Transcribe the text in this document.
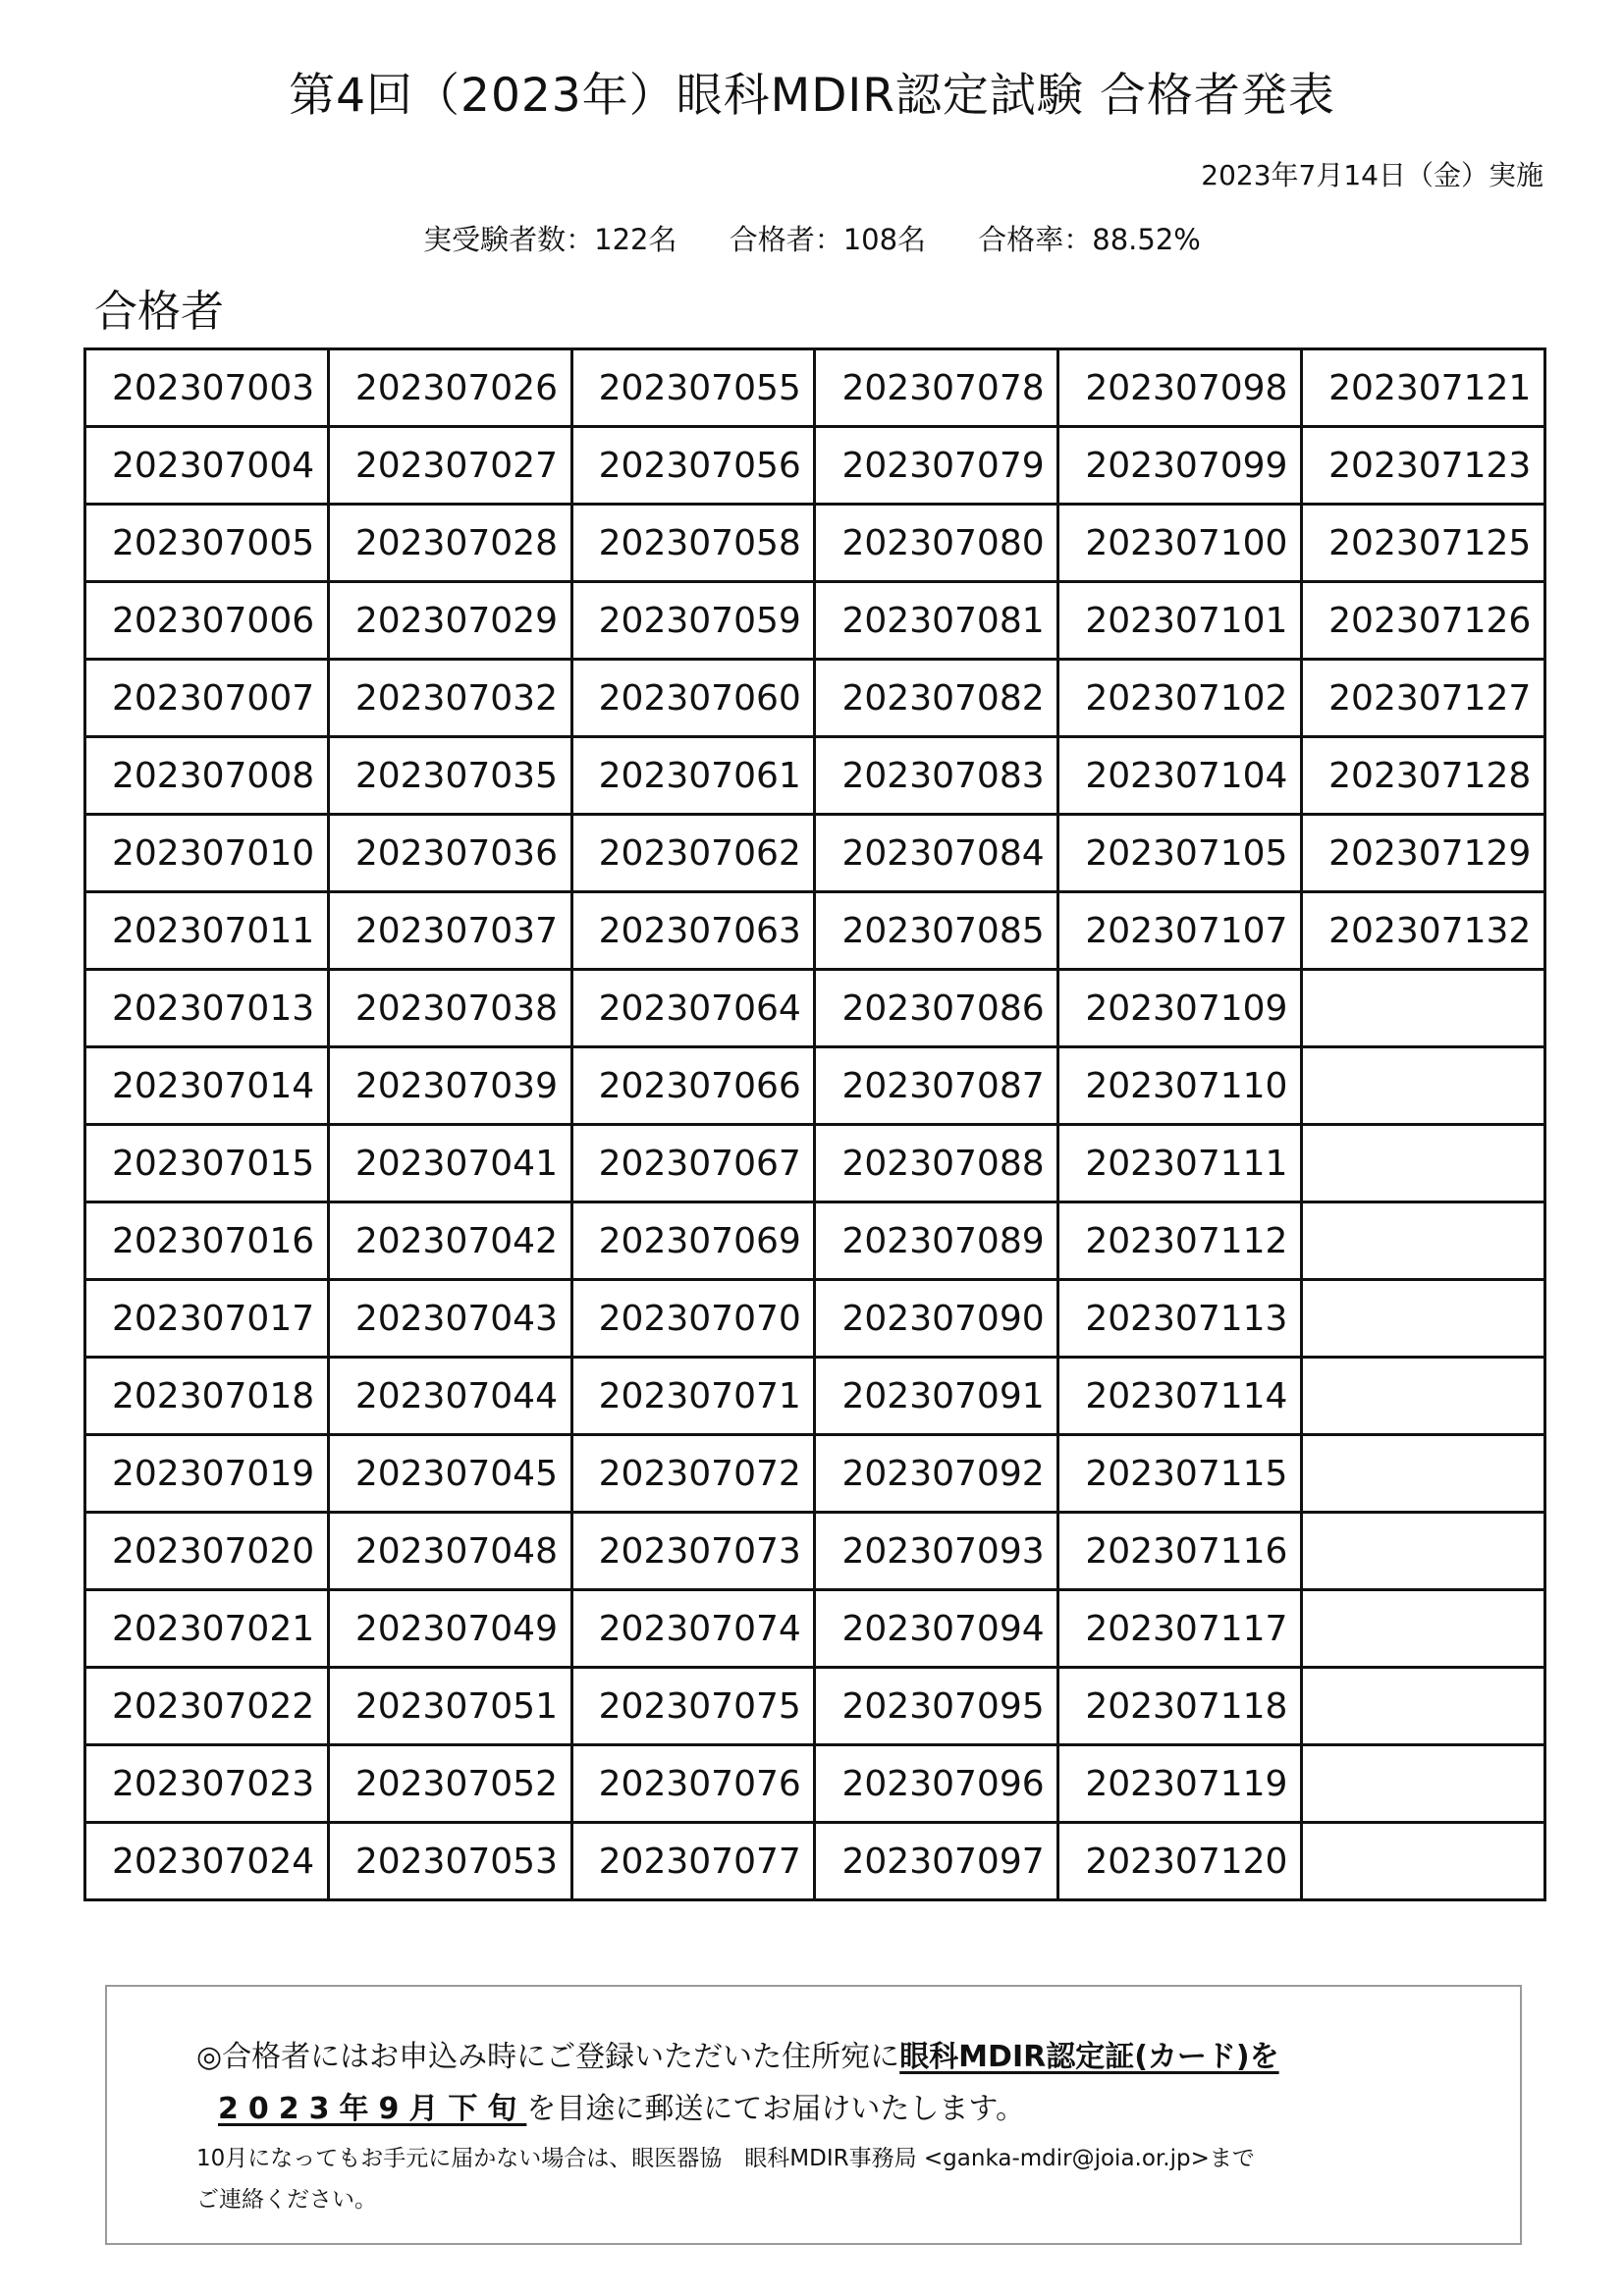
第4回（2023年）眼科MDIR認定試験 合格者発表
2023年7月14日（金）実施
実受験者数：122名 合格者：108名 合格率：88.52%
合格者
202307003	202307026	202307055	202307078	202307098	202307121
202307004	202307027	202307056	202307079	202307099	202307123
202307005	202307028	202307058	202307080	202307100	202307125
202307006	202307029	202307059	202307081	202307101	202307126
202307007	202307032	202307060	202307082	202307102	202307127
202307008	202307035	202307061	202307083	202307104	202307128
202307010	202307036	202307062	202307084	202307105	202307129
202307011	202307037	202307063	202307085	202307107	202307132
202307013	202307038	202307064	202307086	202307109	
202307014	202307039	202307066	202307087	202307110	
202307015	202307041	202307067	202307088	202307111	
202307016	202307042	202307069	202307089	202307112	
202307017	202307043	202307070	202307090	202307113	
202307018	202307044	202307071	202307091	202307114	
202307019	202307045	202307072	202307092	202307115	
202307020	202307048	202307073	202307093	202307116	
202307021	202307049	202307074	202307094	202307117	
202307022	202307051	202307075	202307095	202307118	
202307023	202307052	202307076	202307096	202307119	
202307024	202307053	202307077	202307097	202307120	
◎合格者にはお申込み時にご登録いただいた住所宛に眼科MDIR認定証(カード)を
2023年9月下旬を目途に郵送にてお届けいたします。
10月になってもお手元に届かない場合は、眼医器協　眼科MDIR事務局 <ganka-mdir@joia.or.jp>まで
ご連絡ください。
